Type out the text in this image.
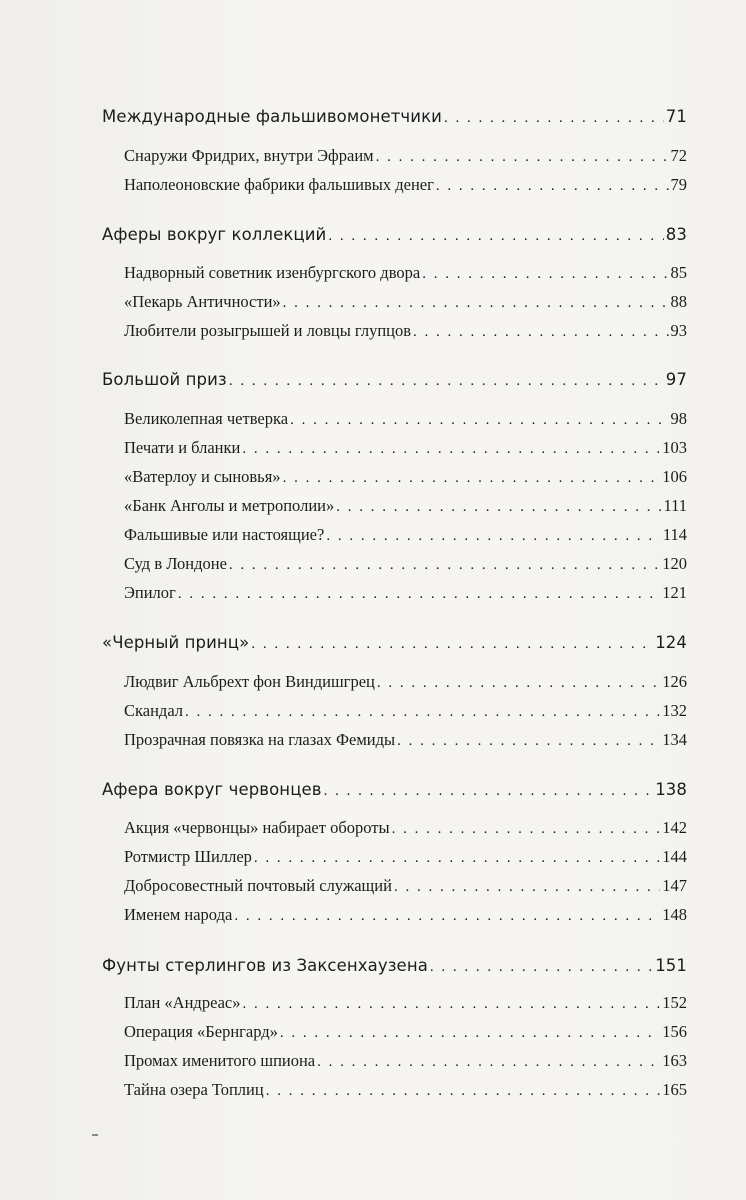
Международные фальшивомонетчики . . .	71
Снаружи Фридрих, внутри Эфраим . . .	72
Наполеоновские фабрики фальшивых денег . . .	79
Аферы вокруг коллекций . . .	83
Надворный советник изенбургского двора . . .	85
«Пекарь Античности» . . .	88
Любители розыгрышей и ловцы глупцов . . .	93
Большой приз . . .	97
Великолепная четверка . . .	98
Печати и бланки . . .	103
«Ватерлоу и сыновья» . . .	106
«Банк Анголы и метрополии» . . .	111
Фальшивые или настоящие? . . .	114
Суд в Лондоне . . .	120
Эпилог . . .	121
«Черный принц» . . .	124
Людвиг Альбрехт фон Виндишгрец . . .	126
Скандал . . .	132
Прозрачная повязка на глазах Фемиды . . .	134
Афера вокруг червонцев . . .	138
Акция «червонцы» набирает обороты . . .	142
Ротмистр Шиллер . . .	144
Добросовестный почтовый служащий . . .	147
Именем народа . . .	148
Фунты стерлингов из Заксенхаузена . . .	151
План «Андреас» . . .	152
Операция «Бернгард» . . .	156
Промах именитого шпиона . . .	163
Тайна озера Топлиц . . .	165
